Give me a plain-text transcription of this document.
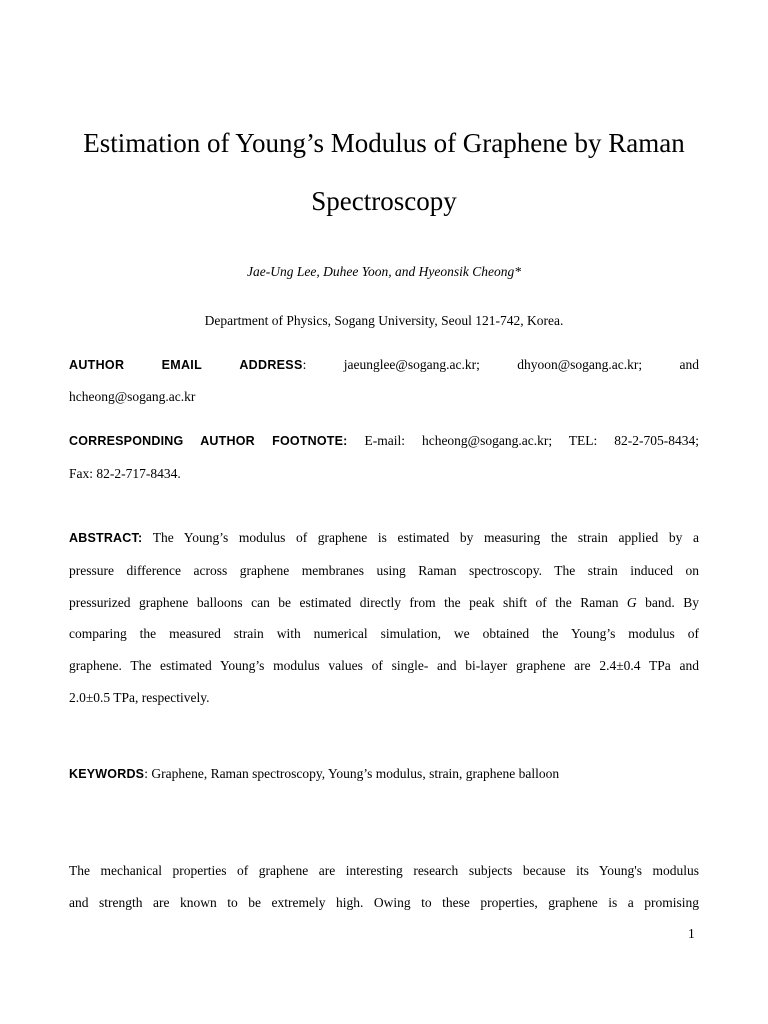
Estimation of Young’s Modulus of Graphene by Raman
Spectroscopy
Jae-Ung Lee, Duhee Yoon, and Hyeonsik Cheong*
Department of Physics, Sogang University, Seoul 121-742, Korea.
AUTHOR	EMAIL	ADDRESS:	jaeunglee@sogang.ac.kr;	dhyoon@sogang.ac.kr;	and
hcheong@sogang.ac.kr
CORRESPONDING AUTHOR FOOTNOTE: E-mail: hcheong@sogang.ac.kr; TEL: 82-2-705-8434;
Fax: 82-2-717-8434.
ABSTRACT: The Young’s modulus of graphene is estimated by measuring the strain applied by a
pressure difference across graphene membranes using Raman spectroscopy. The strain induced on
pressurized graphene balloons can be estimated directly from the peak shift of the Raman G band. By
comparing the measured strain with numerical simulation, we obtained the Young’s modulus of
graphene. The estimated Young’s modulus values of single- and bi-layer graphene are 2.4±0.4 TPa and
2.0±0.5 TPa, respectively.
KEYWORDS: Graphene, Raman spectroscopy, Young’s modulus, strain, graphene balloon
The mechanical properties of graphene are interesting research subjects because its Young's modulus
and strength are known to be extremely high. Owing to these properties, graphene is a promising
1
